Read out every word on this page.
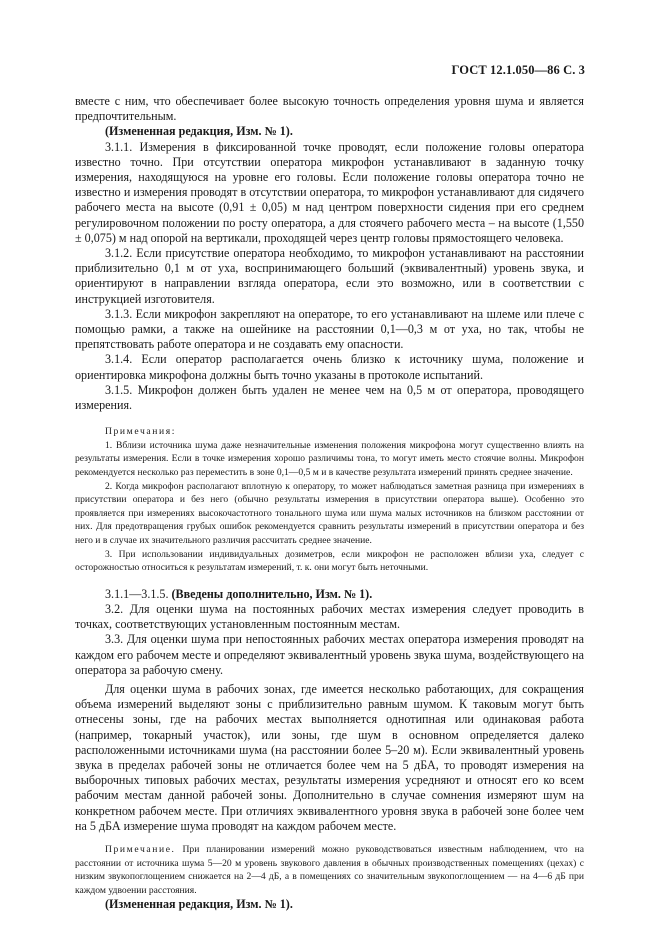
ГОСТ 12.1.050—86 С. 3

вместе с ним, что обеспечивает более высокую точность определения уровня шума и является предпочтительным.

(Измененная редакция, Изм. № 1).

3.1.1. Измерения в фиксированной точке проводят, если положение головы оператора известно точно. При отсутствии оператора микрофон устанавливают в заданную точку измерения, находящуюся на уровне его головы. Если положение головы оператора точно не известно и измерения проводят в отсутствии оператора, то микрофон устанавливают для сидячего рабочего места на высоте (0,91 ± 0,05) м над центром поверхности сидения при его среднем регулировочном положении по росту оператора, а для стоячего рабочего места – на высоте (1,550 ± 0,075) м над опорой на вертикали, проходящей через центр головы прямостоящего человека.

3.1.2. Если присутствие оператора необходимо, то микрофон устанавливают на расстоянии приблизительно 0,1 м от уха, воспринимающего больший (эквивалентный) уровень звука, и ориентируют в направлении взгляда оператора, если это возможно, или в соответствии с инструкцией изготовителя.

3.1.3. Если микрофон закрепляют на операторе, то его устанавливают на шлеме или плече с помощью рамки, а также на ошейнике на расстоянии 0,1—0,3 м от уха, но так, чтобы не препятствовать работе оператора и не создавать ему опасности.

3.1.4. Если оператор располагается очень близко к источнику шума, положение и ориентировка микрофона должны быть точно указаны в протоколе испытаний.

3.1.5. Микрофон должен быть удален не менее чем на 0,5 м от оператора, проводящего измерения.

Примечания:

1. Вблизи источника шума даже незначительные изменения положения микрофона могут существенно влиять на результаты измерения. Если в точке измерения хорошо различимы тона, то могут иметь место стоячие волны. Микрофон рекомендуется несколько раз переместить в зоне 0,1—0,5 м и в качестве результата измерений принять среднее значение.

2. Когда микрофон располагают вплотную к оператору, то может наблюдаться заметная разница при измерениях в присутствии оператора и без него (обычно результаты измерения в присутствии оператора выше). Особенно это проявляется при измерениях высокочастотного тонального шума или шума малых источников на близком расстоянии от них. Для предотвращения грубых ошибок рекомендуется сравнить результаты измерений в присутствии оператора и без него и в случае их значительного различия рассчитать среднее значение.

3. При использовании индивидуальных дозиметров, если микрофон не расположен вблизи уха, следует с осторожностью относиться к результатам измерений, т. к. они могут быть неточными.

3.1.1—3.1.5. (Введены дополнительно, Изм. № 1).

3.2. Для оценки шума на постоянных рабочих местах измерения следует проводить в точках, соответствующих установленным постоянным местам.

3.3. Для оценки шума при непостоянных рабочих местах оператора измерения проводят на каждом его рабочем месте и определяют эквивалентный уровень звука шума, воздействующего на оператора за рабочую смену.

Для оценки шума в рабочих зонах, где имеется несколько работающих, для сокращения объема измерений выделяют зоны с приблизительно равным шумом. К таковым могут быть отнесены зоны, где на рабочих местах выполняется однотипная или одинаковая работа (например, токарный участок), или зоны, где шум в основном определяется далеко расположенными источниками шума (на расстоянии более 5–20 м). Если эквивалентный уровень звука в пределах рабочей зоны не отличается более чем на 5 дБА, то проводят измерения на выборочных типовых рабочих местах, результаты измерения усредняют и относят его ко всем рабочим местам данной рабочей зоны. Дополнительно в случае сомнения измеряют шум на конкретном рабочем месте. При отличиях эквивалентного уровня звука в рабочей зоне более чем на 5 дБА измерение шума проводят на каждом рабочем месте.

Примечание. При планировании измерений можно руководствоваться известным наблюдением, что на расстоянии от источника шума 5—20 м уровень звукового давления в обычных производственных помещениях (цехах) с низким звукопоглощением снижается на 2—4 дБ, а в помещениях со значительным звукопоглощением — на 4—6 дБ при каждом удвоении расстояния.

(Измененная редакция, Изм. № 1).
